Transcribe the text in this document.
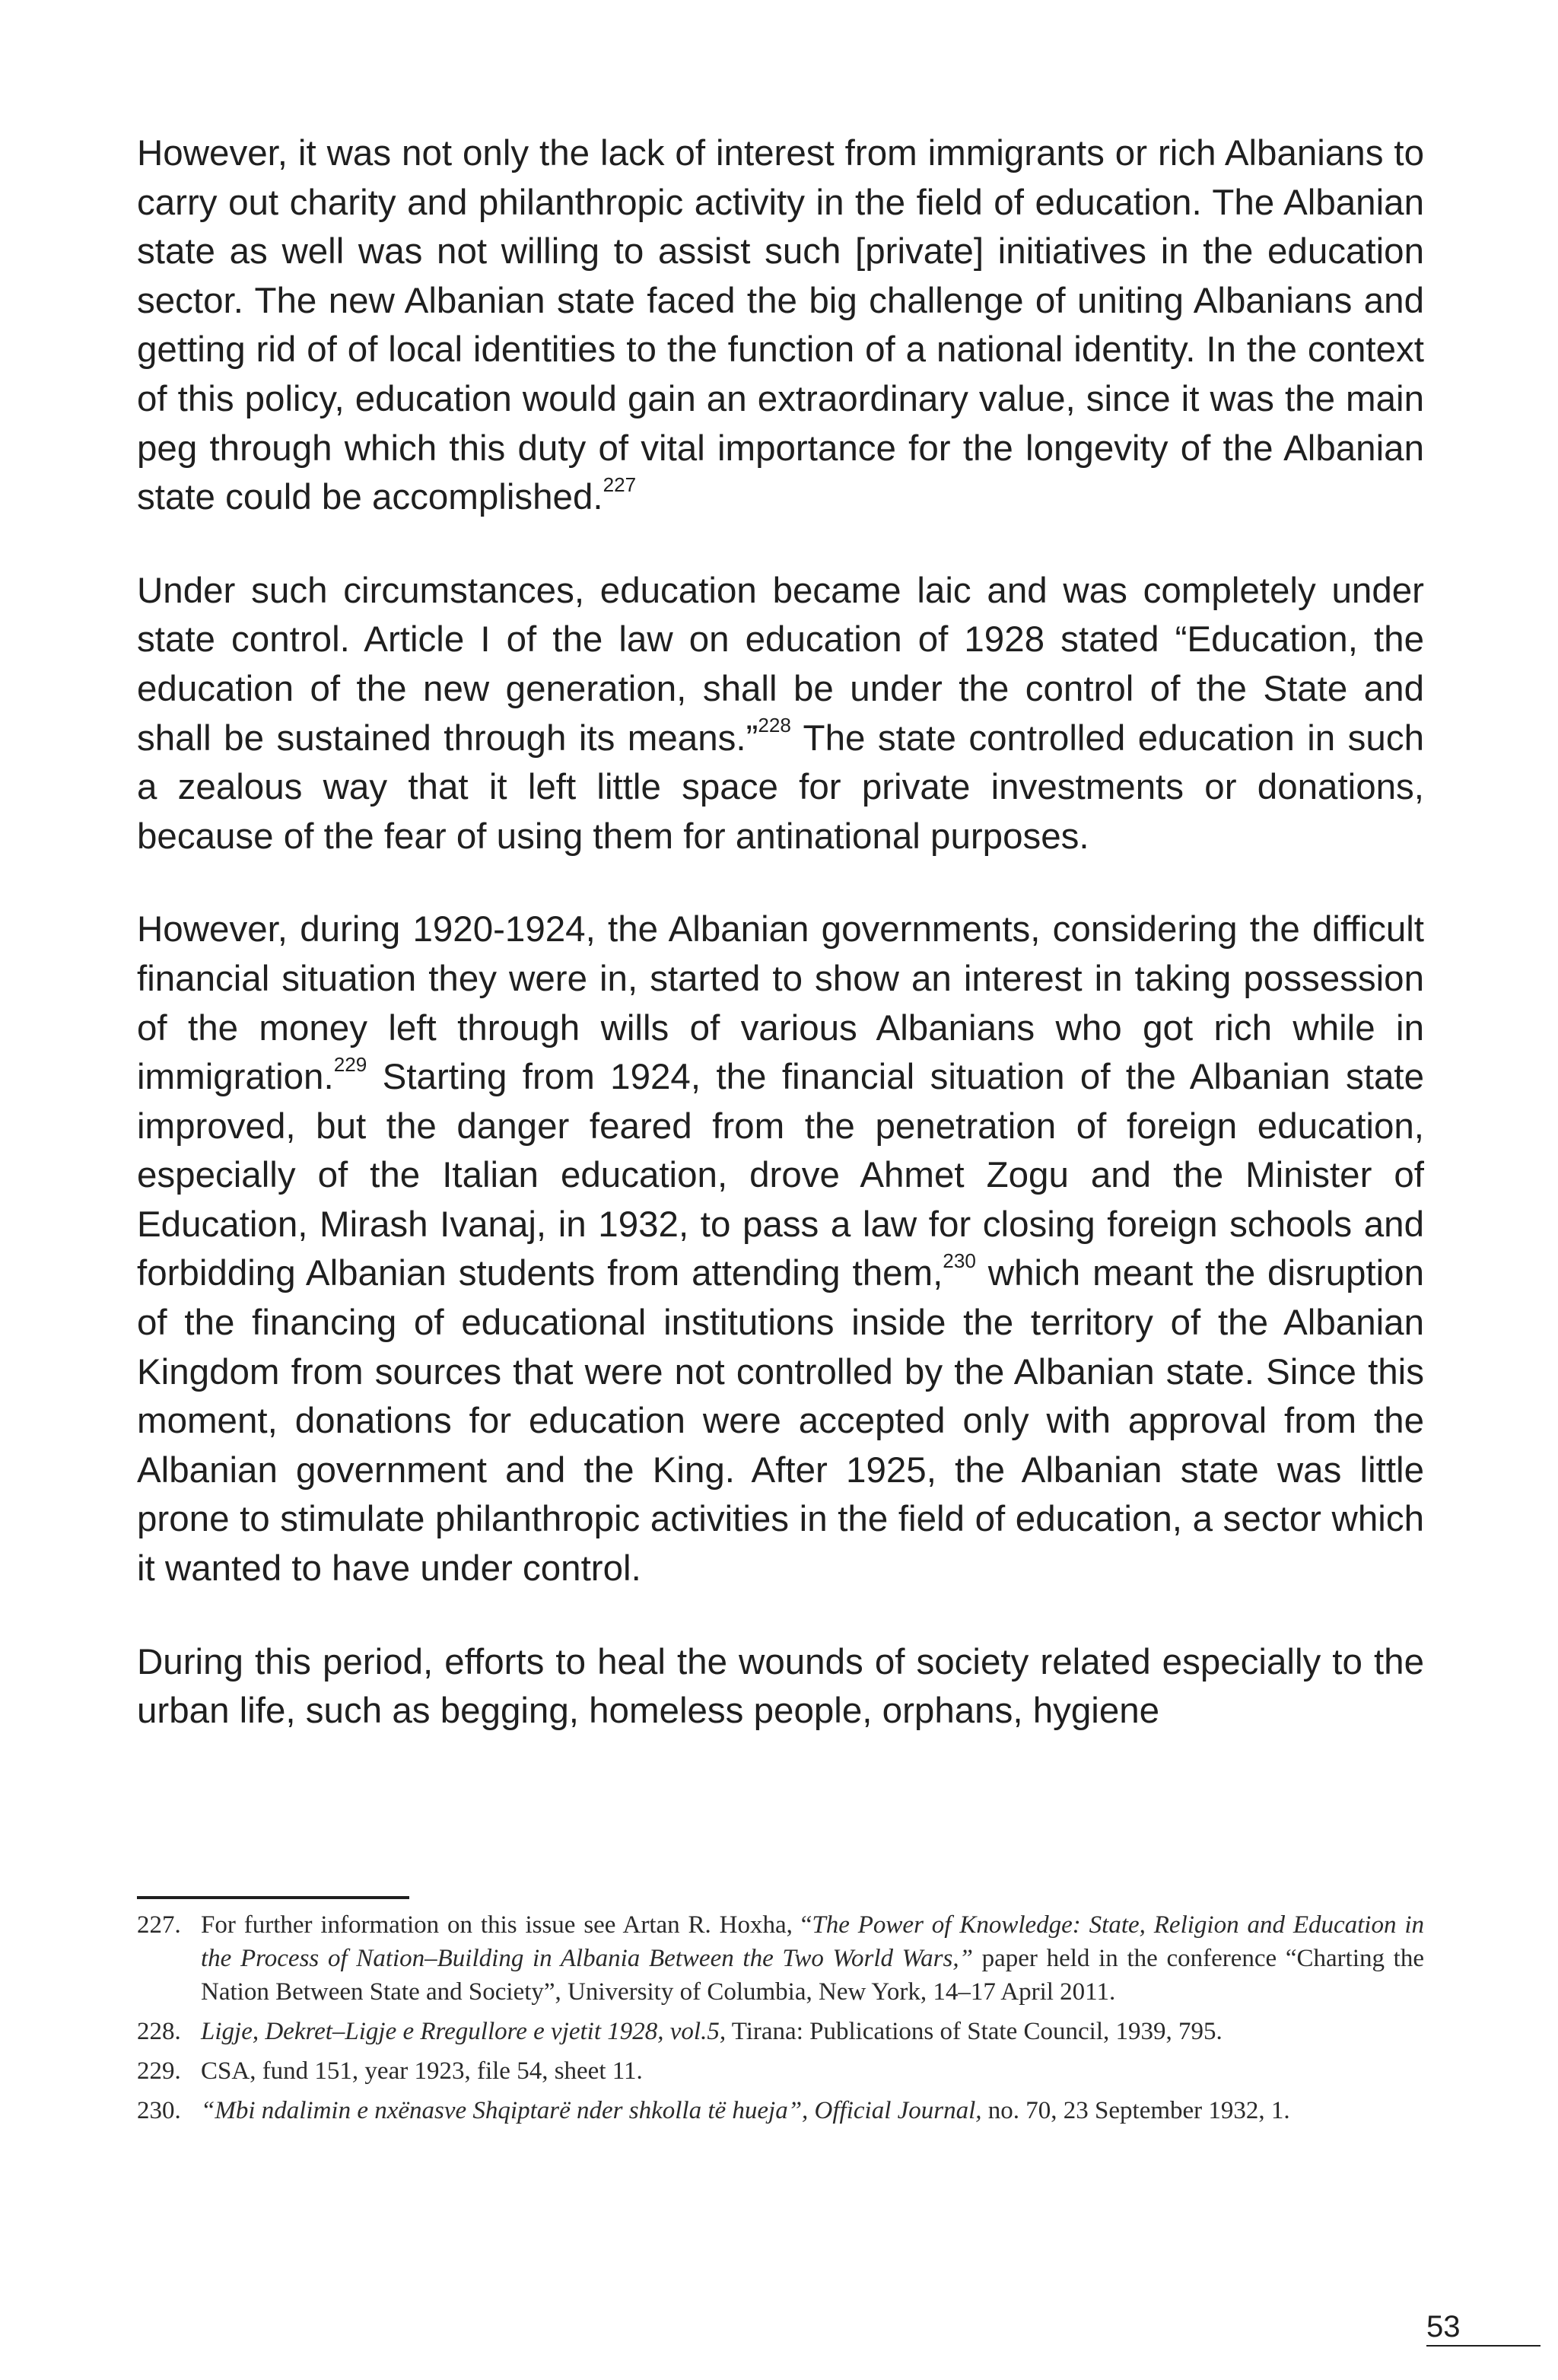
However, it was not only the lack of interest from immigrants or rich Albanians to carry out charity and philanthropic activity in the field of education. The Albanian state as well was not willing to assist such [private] initiatives in the education sector. The new Albanian state faced the big challenge of uniting Albanians and getting rid of of local identities to the function of a national identity. In the context of this policy, education would gain an extraordinary value, since it was the main peg through which this duty of vital importance for the longevity of the Albanian state could be accomplished.$^{227}$

Under such circumstances, education became laic and was completely under state control. Article I of the law on education of 1928 stated “Education, the education of the new generation, shall be under the control of the State and shall be sustained through its means.”$^{228}$ The state controlled education in such a zealous way that it left little space for private investments or donations, because of the fear of using them for antinational purposes.

However, during 1920-1924, the Albanian governments, considering the difficult financial situation they were in, started to show an interest in taking possession of the money left through wills of various Albanians who got rich while in immigration.$^{229}$ Starting from 1924, the financial situation of the Albanian state improved, but the danger feared from the penetration of foreign education, especially of the Italian education, drove Ahmet Zogu and the Minister of Education, Mirash Ivanaj, in 1932, to pass a law for closing foreign schools and forbidding Albanian students from attending them,$^{230}$ which meant the disruption of the financing of educational institutions inside the territory of the Albanian Kingdom from sources that were not controlled by the Albanian state. Since this moment, donations for education were accepted only with approval from the Albanian government and the King. After 1925, the Albanian state was little prone to stimulate philanthropic activities in the field of education, a sector which it wanted to have under control.

During this period, efforts to heal the wounds of society related especially to the urban life, such as begging, homeless people, orphans, hygiene

227. For further information on this issue see Artan R. Hoxha, “The Power of Knowledge: State, Religion and Education in the Process of Nation–Building in Albania Between the Two World Wars,” paper held in the conference “Charting the Nation Between State and Society”, University of Columbia, New York, 14–17 April 2011.
228. Ligje, Dekret–Ligje e Rregullore e vjetit 1928, vol.5, Tirana: Publications of State Council, 1939, 795.
229. CSA, fund 151, year 1923, file 54, sheet 11.
230. “Mbi ndalimin e nxënasve Shqiptarë nder shkolla të hueja”, Official Journal, no. 70, 23 September 1932, 1.
53
